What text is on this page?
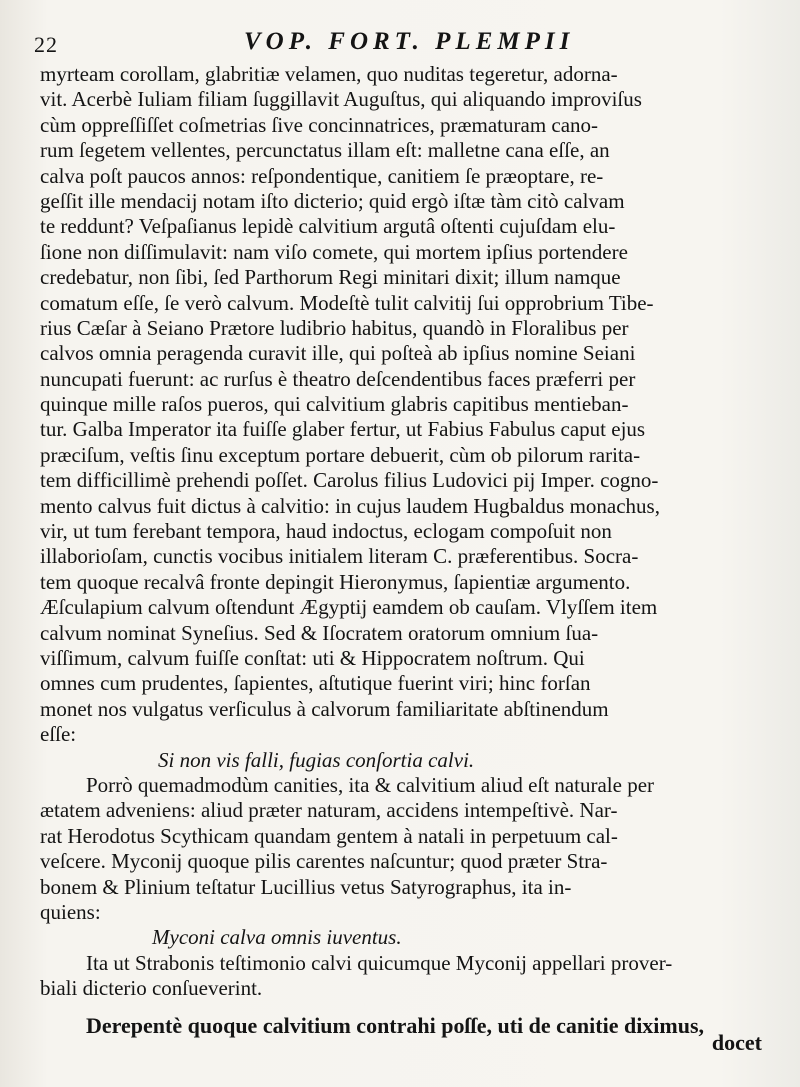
22	VOP. FORT. PLEMPII
myrteam corollam, glabritiæ velamen, quo nuditas tegeretur, adorna-
vit. Acerbè Iuliam filiam ſuggillavit Auguſtus, qui aliquando improviſus
cùm oppreſſiſſet coſmetrias ſive concinnatrices, præmaturam cano-
rum ſegetem vellentes, percunctatus illam eſt: malletne cana eſſe, an
calva poſt paucos annos: reſpondentique, canitiem ſe præoptare, re-
geſſit ille mendacij notam iſto dicterio; quid ergò iſtæ tàm citò calvam
te reddunt? Veſpaſianus lepidè calvitium argutâ oſtenti cujuſdam elu-
ſione non diſſimulavit: nam viſo comete, qui mortem ipſius portendere
credebatur, non ſibi, ſed Parthorum Regi minitari dixit; illum namque
comatum eſſe, ſe verò calvum. Modeſtè tulit calvitij ſui opprobrium Tibe-
rius Cæſar à Seiano Prætore ludibrio habitus, quandò in Floralibus per
calvos omnia peragenda curavit ille, qui poſteà ab ipſius nomine Seiani
nuncupati fuerunt: ac rurſus è theatro deſcendentibus faces præferri per
quinque mille raſos pueros, qui calvitium glabris capitibus mentieban-
tur. Galba Imperator ita fuiſſe glaber fertur, ut Fabius Fabulus caput ejus
præciſum, veſtis ſinu exceptum portare debuerit, cùm ob pilorum rarita-
tem difficillimè prehendi poſſet. Carolus filius Ludovici pij Imper. cogno-
mento calvus fuit dictus à calvitio: in cujus laudem Hugbaldus monachus,
vir, ut tum ferebant tempora, haud indoctus, eclogam compoſuit non
illaborioſam, cunctis vocibus initialem literam C. præferentibus. Socra-
tem quoque recalvâ fronte depingit Hieronymus, ſapientiæ argumento.
Æſculapium calvum oſtendunt Ægyptij eamdem ob cauſam. Vlyſſem item
calvum nominat Syneſius. Sed & Iſocratem oratorum omnium ſua-
viſſimum, calvum fuiſſe conſtat: uti & Hippocratem noſtrum. Qui
omnes cum prudentes, ſapientes, aſtutique fuerint viri; hinc forſan
monet nos vulgatus verſiculus à calvorum familiaritate abſtinendum
eſſe:
Si non vis falli, fugias conſortia calvi.
Porrò quemadmodùm canities, ita & calvitium aliud eſt naturale per
ætatem adveniens: aliud præter naturam, accidens intempeſtivè. Nar-
rat Herodotus Scythicam quandam gentem à natali in perpetuum cal-
veſcere. Myconij quoque pilis carentes naſcuntur; quod præter Stra-
bonem & Plinium teſtatur Lucillius vetus Satyrographus, ita in-
quiens:
Myconi calva omnis iuventus.
Ita ut Strabonis teſtimonio calvi quicumque Myconij appellari prover-
biali dicterio conſueverint.
Derepentè quoque calvitium contrahi poſſe, uti de canitie diximus,
docet
